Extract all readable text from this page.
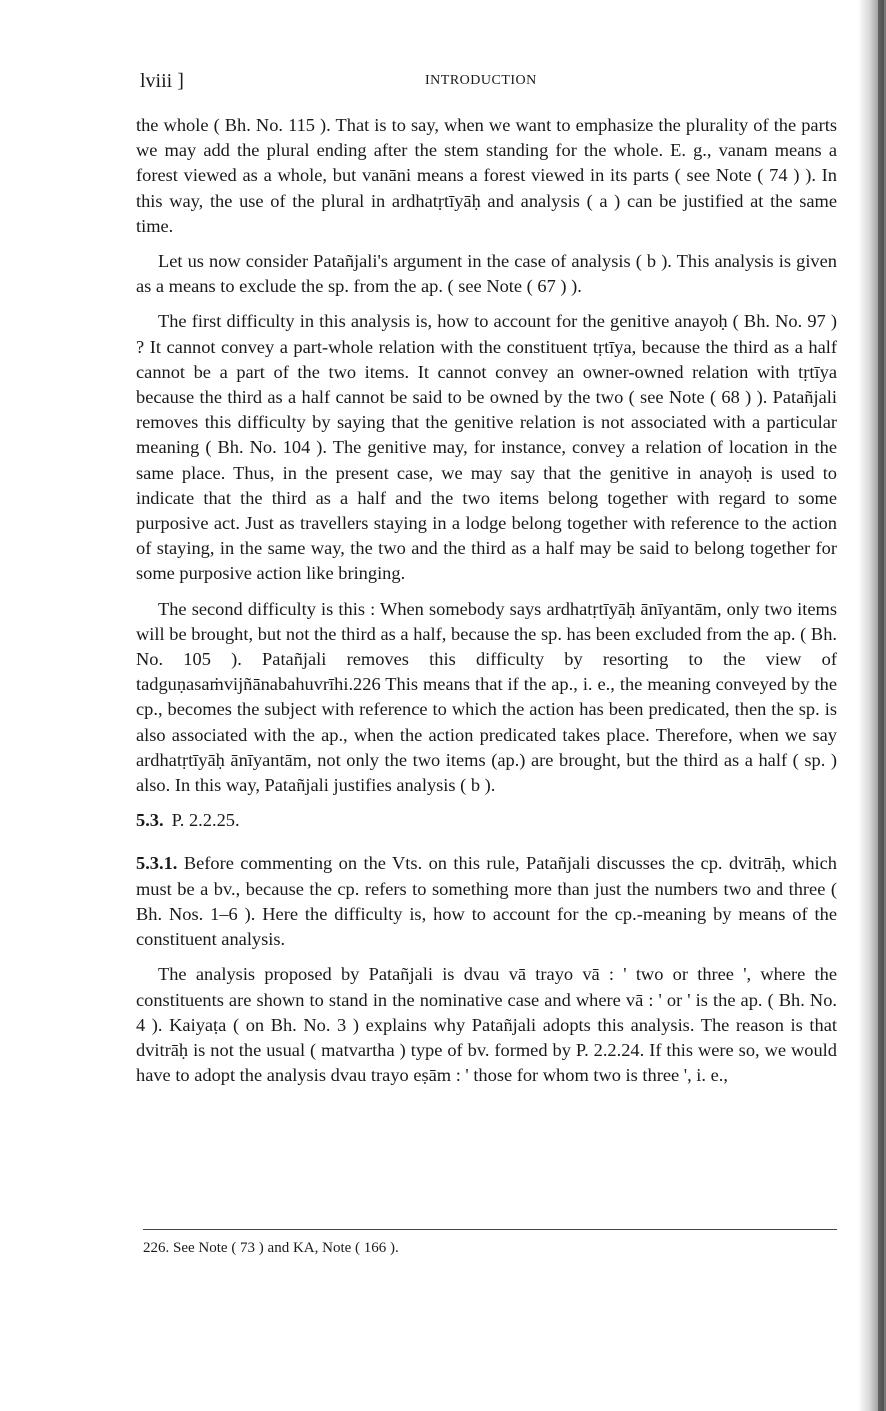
lviii ]	INTRODUCTION

the whole ( Bh. No. 115 ). That is to say, when we want to emphasize the plurality of the parts we may add the plural ending after the stem standing for the whole. E. g., vanam means a forest viewed as a whole, but vanāni means a forest viewed in its parts ( see Note ( 74 ) ). In this way, the use of the plural in ardhatṛtīyāḥ and analysis ( a ) can be justified at the same time.

Let us now consider Patañjali's argument in the case of analysis ( b ). This analysis is given as a means to exclude the sp. from the ap. ( see Note ( 67 ) ).

The first difficulty in this analysis is, how to account for the genitive anayoḥ ( Bh. No. 97 ) ? It cannot convey a part-whole relation with the constituent tṛtīya, because the third as a half cannot be a part of the two items. It cannot convey an owner-owned relation with tṛtīya because the third as a half cannot be said to be owned by the two ( see Note ( 68 ) ). Patañjali removes this difficulty by saying that the genitive relation is not associated with a particular meaning ( Bh. No. 104 ). The genitive may, for instance, convey a relation of location in the same place. Thus, in the present case, we may say that the genitive in anayoḥ is used to indicate that the third as a half and the two items belong together with regard to some purposive act. Just as travellers staying in a lodge belong together with reference to the action of staying, in the same way, the two and the third as a half may be said to belong together for some purposive action like bringing.

The second difficulty is this : When somebody says ardhatṛtīyāḥ ānīyantām, only two items will be brought, but not the third as a half, because the sp. has been excluded from the ap. ( Bh. No. 105 ). Patañjali removes this difficulty by resorting to the view of tadguṇasaṁvijñānabahuvrīhi.226 This means that if the ap., i. e., the meaning conveyed by the cp., becomes the subject with reference to which the action has been predicated, then the sp. is also associated with the ap., when the action predicated takes place. Therefore, when we say ardhatṛtīyāḥ ānīyantām, not only the two items (ap.) are brought, but the third as a half ( sp. ) also. In this way, Patañjali justifies analysis ( b ).

5.3. P. 2.2.25.

5.3.1. Before commenting on the Vts. on this rule, Patañjali discusses the cp. dvitrāḥ, which must be a bv., because the cp. refers to something more than just the numbers two and three ( Bh. Nos. 1–6 ). Here the difficulty is, how to account for the cp.-meaning by means of the constituent analysis.

The analysis proposed by Patañjali is dvau vā trayo vā : ' two or three ', where the constituents are shown to stand in the nominative case and where vā : ' or ' is the ap. ( Bh. No. 4 ). Kaiyaṭa ( on Bh. No. 3 ) explains why Patañjali adopts this analysis. The reason is that dvitrāḥ is not the usual ( matvartha ) type of bv. formed by P. 2.2.24. If this were so, we would have to adopt the analysis dvau trayo eṣām : ' those for whom two is three ', i. e.,

226. See Note ( 73 ) and KA, Note ( 166 ).
